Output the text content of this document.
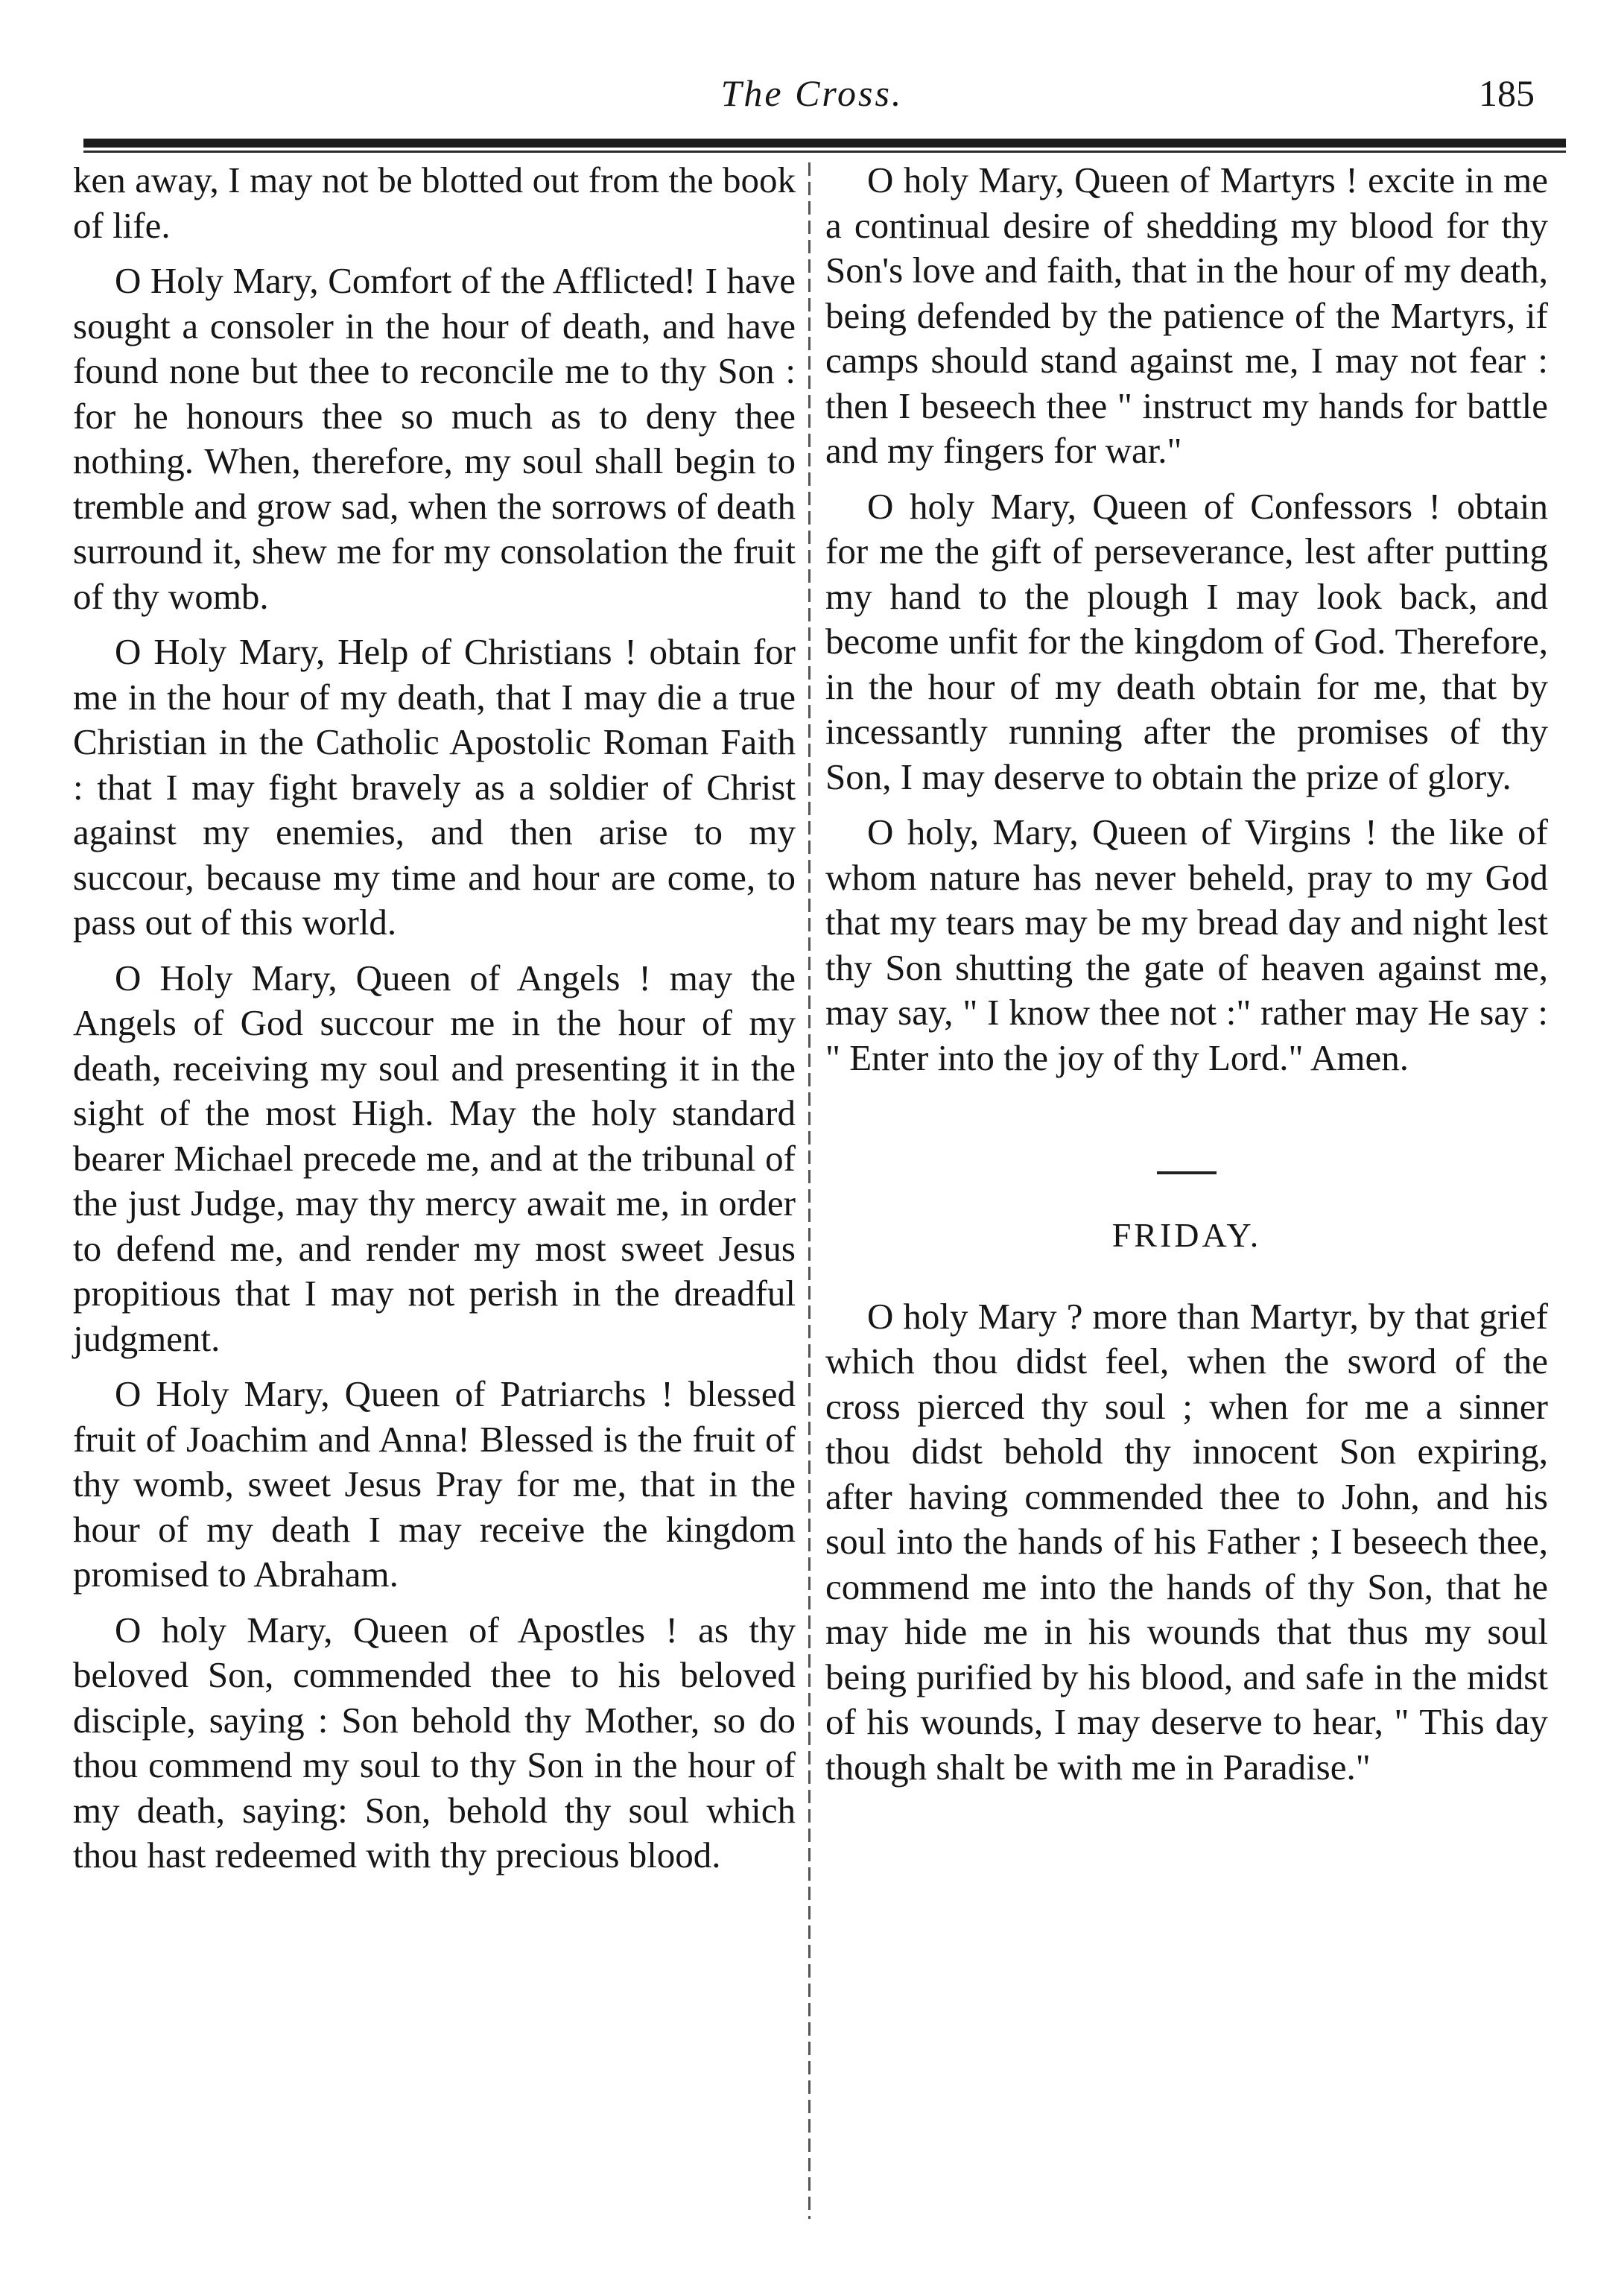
The Cross.	185

ken away, I may not be blotted out from the book of life.

O Holy Mary, Comfort of the Afflicted! I have sought a consoler in the hour of death, and have found none but thee to reconcile me to thy Son : for he honours thee so much as to deny thee nothing. When, therefore, my soul shall begin to tremble and grow sad, when the sorrows of death surround it, shew me for my consolation the fruit of thy womb.

O Holy Mary, Help of Christians ! obtain for me in the hour of my death, that I may die a true Christian in the Catholic Apostolic Roman Faith : that I may fight bravely as a soldier of Christ against my enemies, and then arise to my succour, because my time and hour are come, to pass out of this world.

O Holy Mary, Queen of Angels ! may the Angels of God succour me in the hour of my death, receiving my soul and presenting it in the sight of the most High. May the holy standard bearer Michael precede me, and at the tribunal of the just Judge, may thy mercy await me, in order to defend me, and render my most sweet Jesus propitious that I may not perish in the dreadful judgment.

O Holy Mary, Queen of Patriarchs ! blessed fruit of Joachim and Anna! Blessed is the fruit of thy womb, sweet Jesus Pray for me, that in the hour of my death I may receive the kingdom promised to Abraham.

O holy Mary, Queen of Apostles ! as thy beloved Son, commended thee to his beloved disciple, saying : Son behold thy Mother, so do thou commend my soul to thy Son in the hour of my death, saying: Son, behold thy soul which thou hast redeemed with thy precious blood.

O holy Mary, Queen of Martyrs ! excite in me a continual desire of shedding my blood for thy Son's love and faith, that in the hour of my death, being defended by the patience of the Martyrs, if camps should stand against me, I may not fear : then I beseech thee " instruct my hands for battle and my fingers for war."

O holy Mary, Queen of Confessors ! obtain for me the gift of perseverance, lest after putting my hand to the plough I may look back, and become unfit for the kingdom of God. Therefore, in the hour of my death obtain for me, that by incessantly running after the promises of thy Son, I may deserve to obtain the prize of glory.

O holy, Mary, Queen of Virgins ! the like of whom nature has never beheld, pray to my God that my tears may be my bread day and night lest thy Son shutting the gate of heaven against me, may say, " I know thee not :" rather may He say : " Enter into the joy of thy Lord." Amen.

FRIDAY.

O holy Mary ? more than Martyr, by that grief which thou didst feel, when the sword of the cross pierced thy soul ; when for me a sinner thou didst behold thy innocent Son expiring, after having commended thee to John, and his soul into the hands of his Father ; I beseech thee, commend me into the hands of thy Son, that he may hide me in his wounds that thus my soul being purified by his blood, and safe in the midst of his wounds, I may deserve to hear, " This day though shalt be with me in Paradise."
